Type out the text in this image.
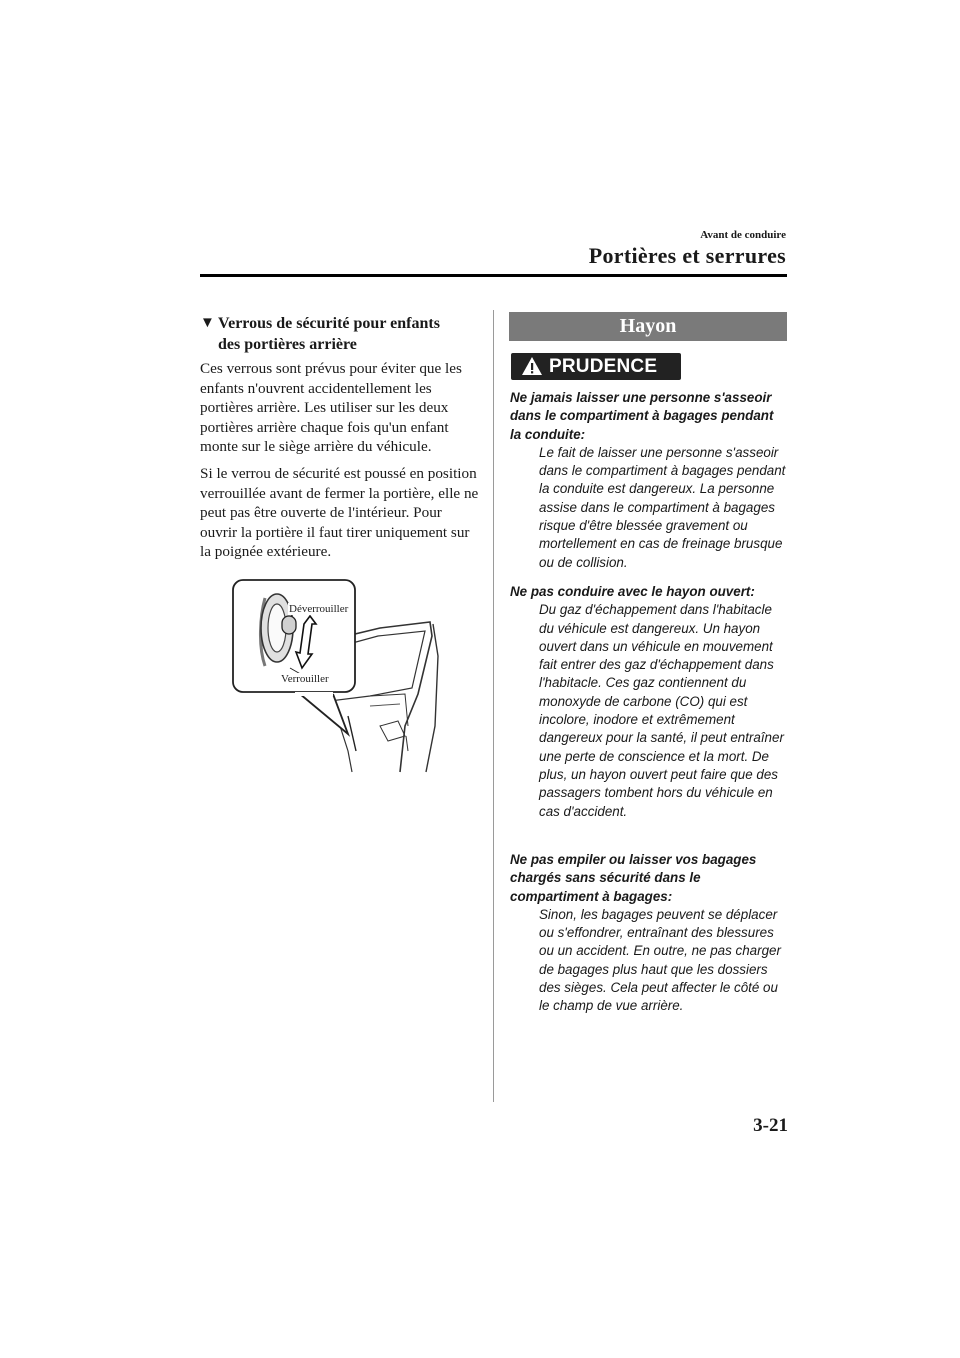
Avant de conduire
Portières et serrures
▼ Verrous de sécurité pour enfants
des portières arrière
Ces verrous sont prévus pour éviter que les enfants n'ouvrent accidentellement les portières arrière. Les utiliser sur les deux portières arrière chaque fois qu'un enfant monte sur le siège arrière du véhicule.
Si le verrou de sécurité est poussé en position verrouillée avant de fermer la portière, elle ne peut pas être ouverte de l'intérieur. Pour ouvrir la portière il faut tirer uniquement sur la poignée extérieure.
Déverrouiller
Verrouiller
Hayon
PRUDENCE
Ne jamais laisser une personne s'asseoir dans le compartiment à bagages pendant la conduite:
Le fait de laisser une personne s'asseoir dans le compartiment à bagages pendant la conduite est dangereux. La personne assise dans le compartiment à bagages risque d'être blessée gravement ou mortellement en cas de freinage brusque ou de collision.
Ne pas conduire avec le hayon ouvert:
Du gaz d'échappement dans l'habitacle du véhicule est dangereux. Un hayon ouvert dans un véhicule en mouvement fait entrer des gaz d'échappement dans l'habitacle. Ces gaz contiennent du monoxyde de carbone (CO) qui est incolore, inodore et extrêmement dangereux pour la santé, il peut entraîner une perte de conscience et la mort. De plus, un hayon ouvert peut faire que des passagers tombent hors du véhicule en cas d'accident.
Ne pas empiler ou laisser vos bagages chargés sans sécurité dans le compartiment à bagages:
Sinon, les bagages peuvent se déplacer ou s'effondrer, entraînant des blessures ou un accident. En outre, ne pas charger de bagages plus haut que les dossiers des sièges. Cela peut affecter le côté ou le champ de vue arrière.
3-21
